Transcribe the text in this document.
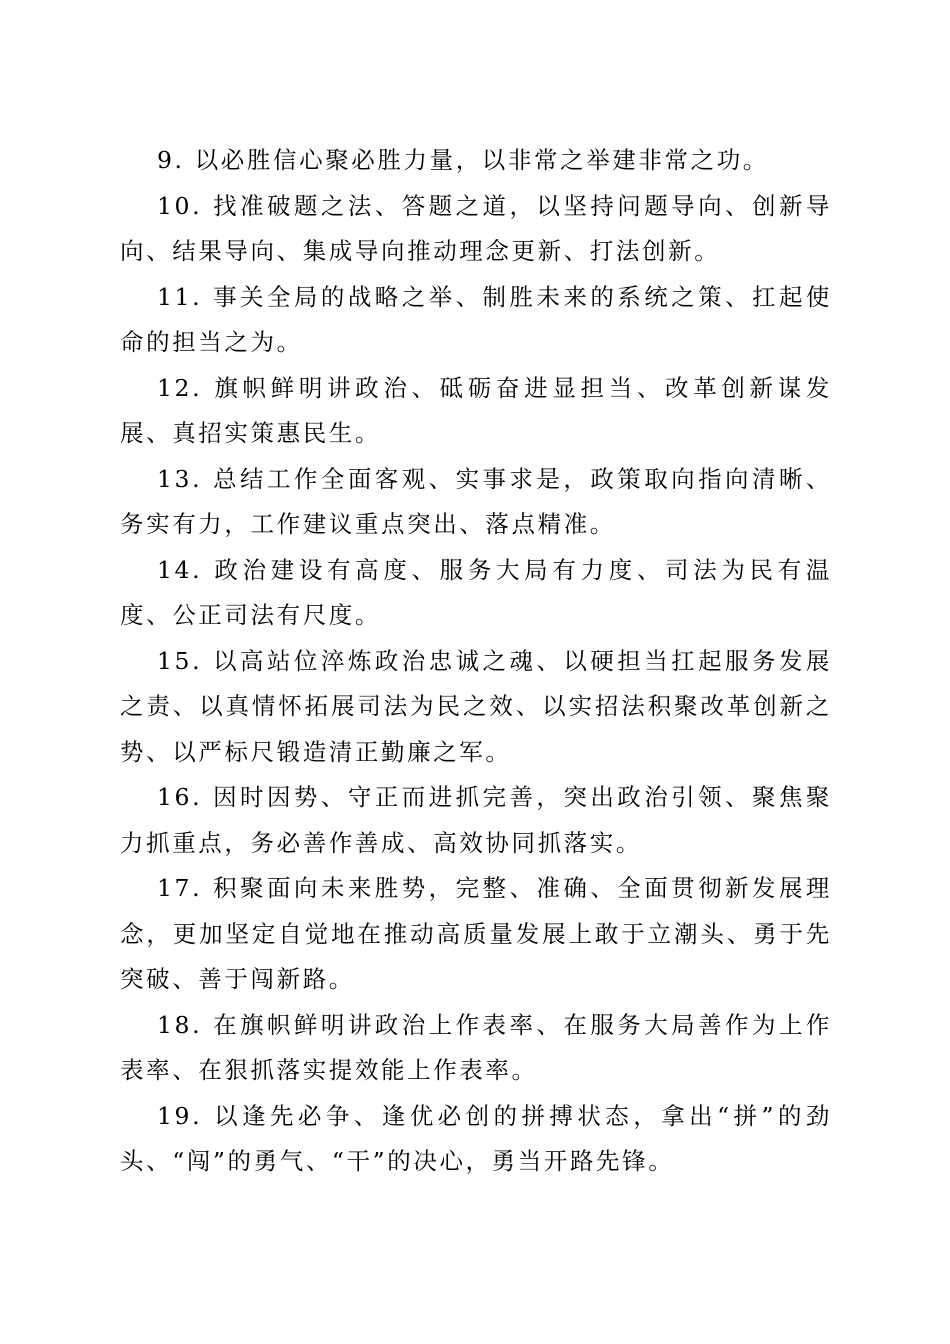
9. 以必胜信心聚必胜力量，以非常之举建非常之功。

10. 找准破题之法、答题之道，以坚持问题导向、创新导向、结果导向、集成导向推动理念更新、打法创新。

11. 事关全局的战略之举、制胜未来的系统之策、扛起使命的担当之为。

12. 旗帜鲜明讲政治、砥砺奋进显担当、改革创新谋发展、真招实策惠民生。

13. 总结工作全面客观、实事求是，政策取向指向清晰、务实有力，工作建议重点突出、落点精准。

14. 政治建设有高度、服务大局有力度、司法为民有温度、公正司法有尺度。

15. 以高站位淬炼政治忠诚之魂、以硬担当扛起服务发展之责、以真情怀拓展司法为民之效、以实招法积聚改革创新之势、以严标尺锻造清正勤廉之军。

16. 因时因势、守正而进抓完善，突出政治引领、聚焦聚力抓重点，务必善作善成、高效协同抓落实。

17. 积聚面向未来胜势，完整、准确、全面贯彻新发展理念，更加坚定自觉地在推动高质量发展上敢于立潮头、勇于先突破、善于闯新路。

18. 在旗帜鲜明讲政治上作表率、在服务大局善作为上作表率、在狠抓落实提效能上作表率。

19. 以逢先必争、逢优必创的拼搏状态，拿出“拼”的劲头、“闯”的勇气、“干”的决心，勇当开路先锋。
